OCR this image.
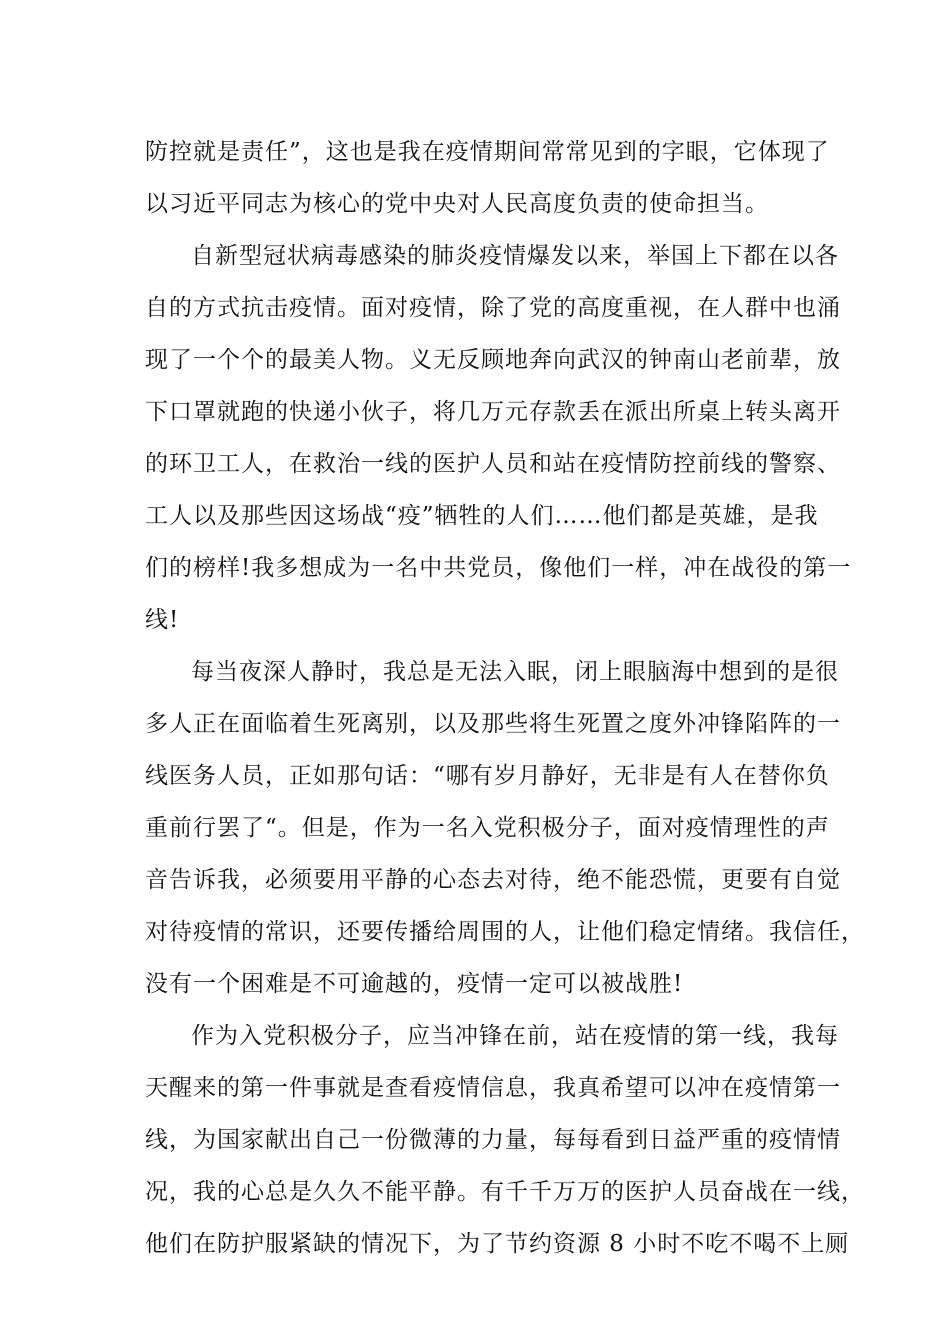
防控就是责任”，这也是我在疫情期间常常见到的字眼，它体现了
以习近平同志为核心的党中央对人民高度负责的使命担当。
自新型冠状病毒感染的肺炎疫情爆发以来，举国上下都在以各
自的方式抗击疫情。面对疫情，除了党的高度重视，在人群中也涌
现了一个个的最美人物。义无反顾地奔向武汉的钟南山老前辈，放
下口罩就跑的快递小伙子，将几万元存款丢在派出所桌上转头离开
的环卫工人，在救治一线的医护人员和站在疫情防控前线的警察、
工人以及那些因这场战“疫”牺牲的人们……他们都是英雄，是我
们的榜样!我多想成为一名中共党员，像他们一样，冲在战役的第一
线!
每当夜深人静时，我总是无法入眠，闭上眼脑海中想到的是很
多人正在面临着生死离别，以及那些将生死置之度外冲锋陷阵的一
线医务人员，正如那句话：“哪有岁月静好，无非是有人在替你负
重前行罢了“。但是，作为一名入党积极分子，面对疫情理性的声
音告诉我，必须要用平静的心态去对待，绝不能恐慌，更要有自觉
对待疫情的常识，还要传播给周围的人，让他们稳定情绪。我信任，
没有一个困难是不可逾越的，疫情一定可以被战胜!
作为入党积极分子，应当冲锋在前，站在疫情的第一线，我每
天醒来的第一件事就是查看疫情信息，我真希望可以冲在疫情第一
线，为国家献出自己一份微薄的力量，每每看到日益严重的疫情情
况，我的心总是久久不能平静。有千千万万的医护人员奋战在一线，
他们在防护服紧缺的情况下，为了节约资源 8 小时不吃不喝不上厕
